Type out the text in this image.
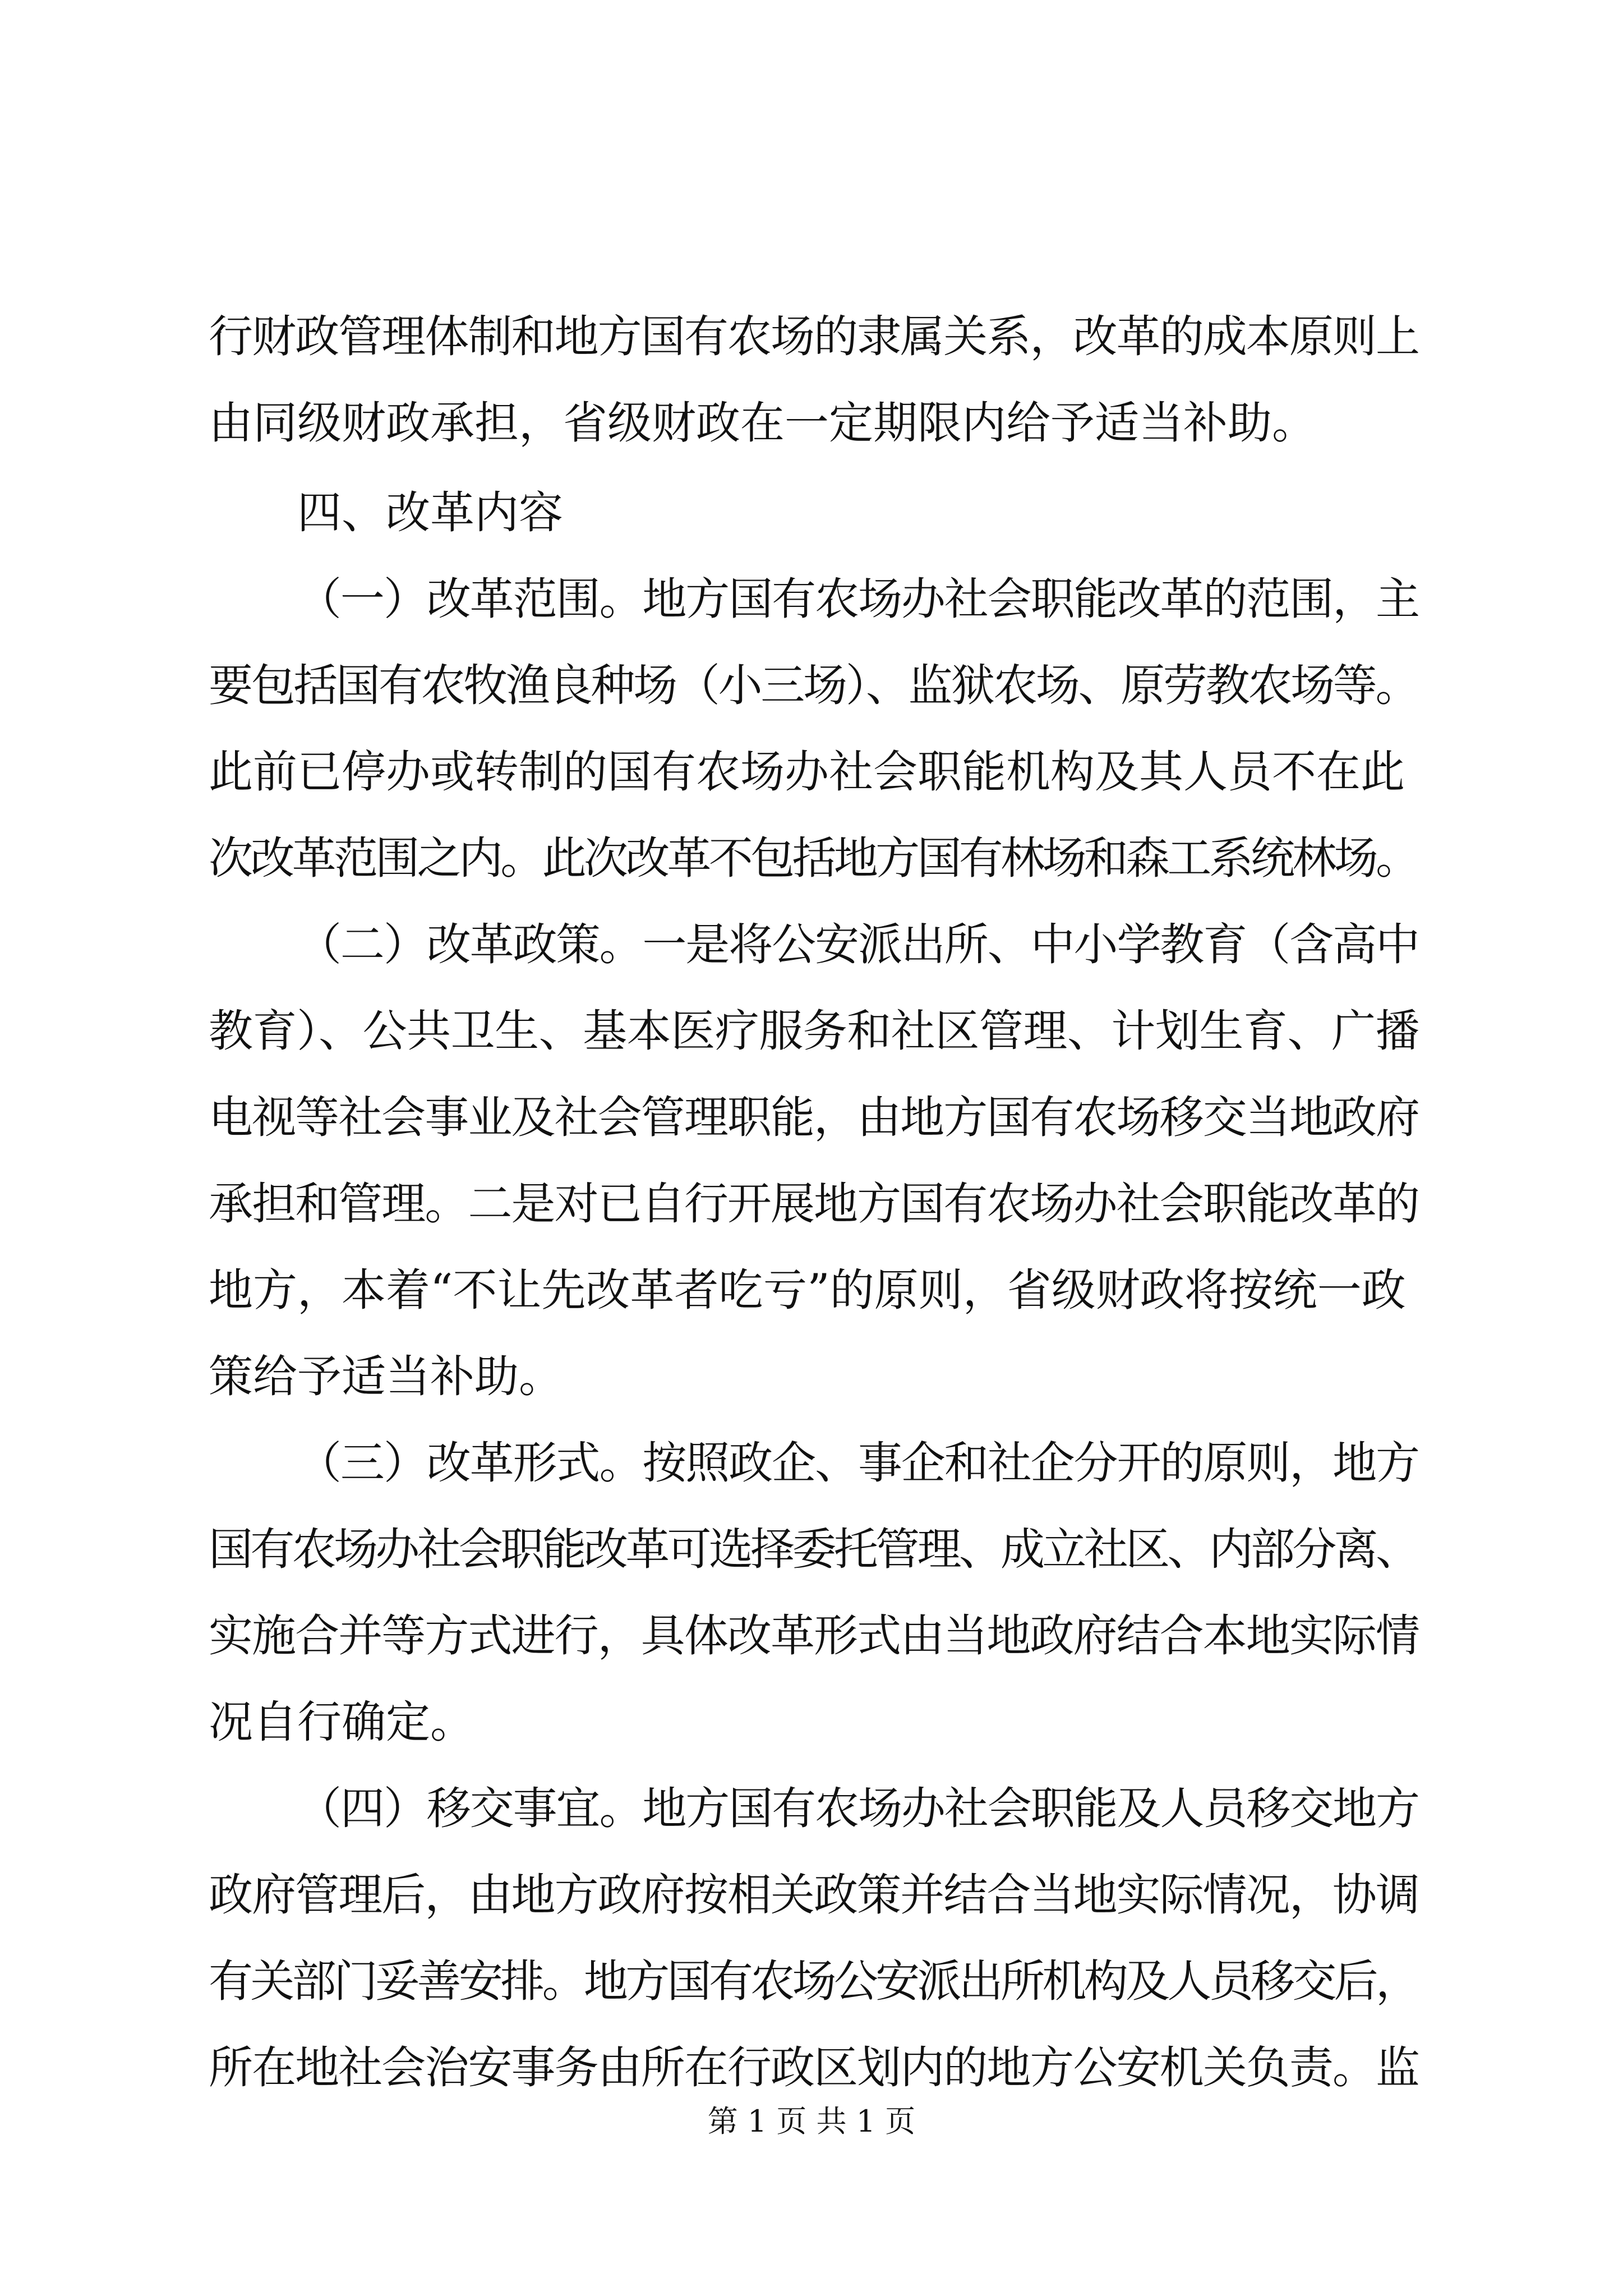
行财政管理体制和地方国有农场的隶属关系，改革的成本原则上
由同级财政承担，省级财政在一定期限内给予适当补助。
四、改革内容
（一）改革范围。地方国有农场办社会职能改革的范围，主
要包括国有农牧渔良种场（小三场）、监狱农场、原劳教农场等。
此前已停办或转制的国有农场办社会职能机构及其人员不在此
次改革范围之内。此次改革不包括地方国有林场和森工系统林场。
（二）改革政策。一是将公安派出所、中小学教育（含高中
教育）、公共卫生、基本医疗服务和社区管理、计划生育、广播
电视等社会事业及社会管理职能，由地方国有农场移交当地政府
承担和管理。二是对已自行开展地方国有农场办社会职能改革的
地方，本着“不让先改革者吃亏”的原则，省级财政将按统一政
策给予适当补助。
（三）改革形式。按照政企、事企和社企分开的原则，地方
国有农场办社会职能改革可选择委托管理、成立社区、内部分离、
实施合并等方式进行，具体改革形式由当地政府结合本地实际情
况自行确定。
（四）移交事宜。地方国有农场办社会职能及人员移交地方
政府管理后，由地方政府按相关政策并结合当地实际情况，协调
有关部门妥善安排。地方国有农场公安派出所机构及人员移交后，
所在地社会治安事务由所在行政区划内的地方公安机关负责。监
第 1 页 共 1 页
